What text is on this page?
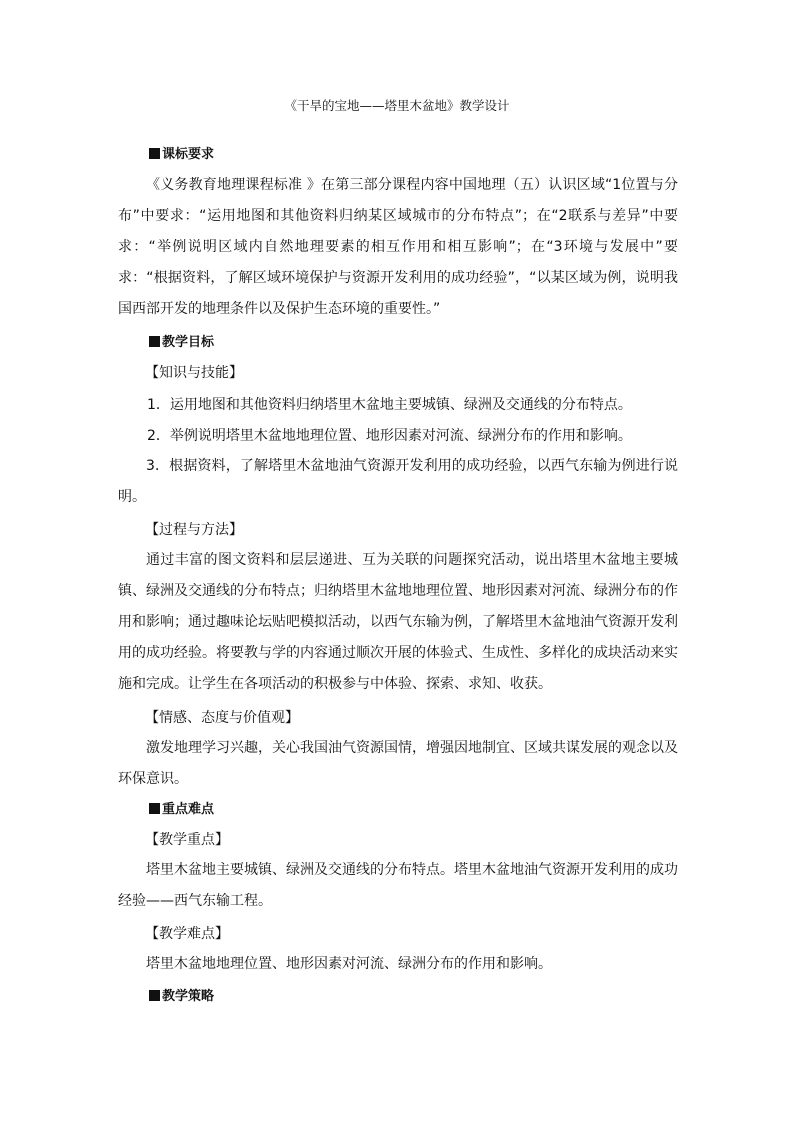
《干旱的宝地——塔里木盆地》教学设计
课标要求

《义务教育地理课程标准 》在第三部分课程内容中国地理（五）认识区域“1位置与分布”中要求：“运用地图和其他资料归纳某区域城市的分布特点”；在“2联系与差异”中要求：“举例说明区域内自然地理要素的相互作用和相互影响”；在“3环境与发展中”要求：“根据资料，了解区域环境保护与资源开发利用的成功经验”，“以某区域为例，说明我国西部开发的地理条件以及保护生态环境的重要性。”

教学目标
【知识与技能】
1．运用地图和其他资料归纳塔里木盆地主要城镇、绿洲及交通线的分布特点。
2．举例说明塔里木盆地地理位置、地形因素对河流、绿洲分布的作用和影响。

3．根据资料，了解塔里木盆地油气资源开发利用的成功经验，以西气东输为例进行说明。

【过程与方法】

通过丰富的图文资料和层层递进、互为关联的问题探究活动，说出塔里木盆地主要城镇、绿洲及交通线的分布特点；归纳塔里木盆地地理位置、地形因素对河流、绿洲分布的作用和影响；通过趣味论坛贴吧模拟活动，以西气东输为例，了解塔里木盆地油气资源开发利用的成功经验。将要教与学的内容通过顺次开展的体验式、生成性、多样化的成块活动来实施和完成。让学生在各项活动的积极参与中体验、探索、求知、收获。

【情感、态度与价值观】

激发地理学习兴趣，关心我国油气资源国情，增强因地制宜、区域共谋发展的观念以及环保意识。

重点难点
【教学重点】

塔里木盆地主要城镇、绿洲及交通线的分布特点。塔里木盆地油气资源开发利用的成功经验——西气东输工程。

【教学难点】

塔里木盆地地理位置、地形因素对河流、绿洲分布的作用和影响。

教学策略
